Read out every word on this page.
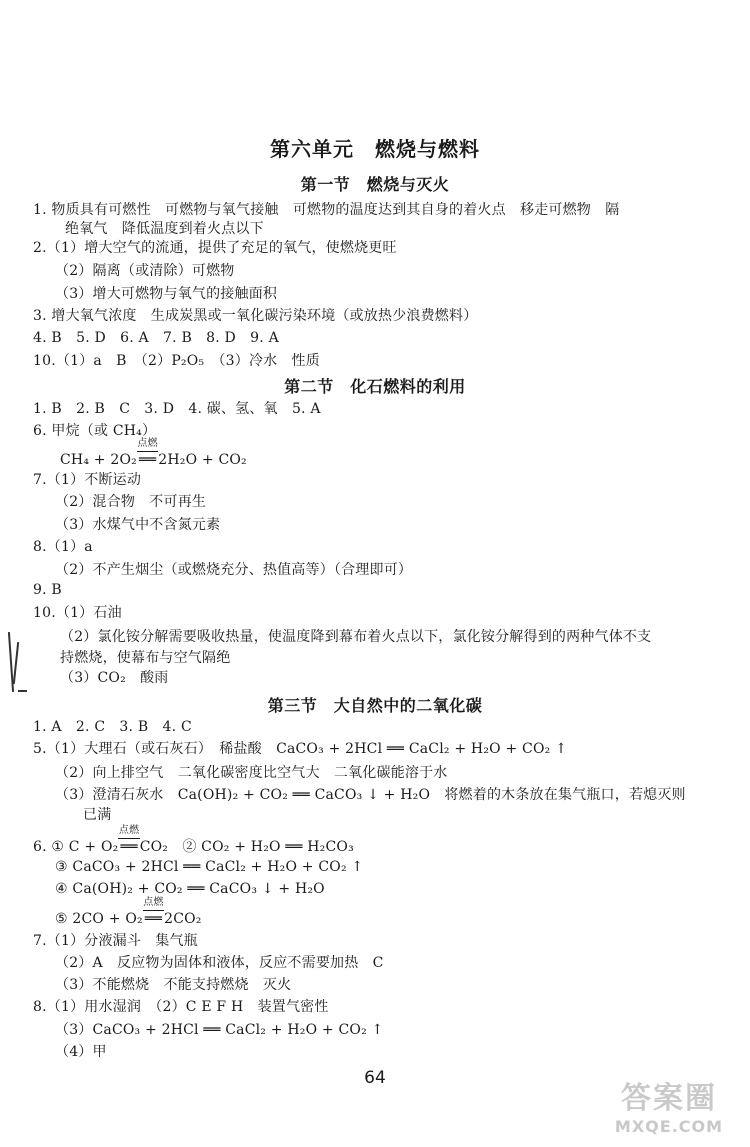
第六单元　燃烧与燃料
第一节　燃烧与灭火
1. 物质具有可燃性　可燃物与氧气接触　可燃物的温度达到其自身的着火点　移走可燃物　隔
绝氧气　降低温度到着火点以下
2.（1）增大空气的流通，提供了充足的氧气，使燃烧更旺
（2）隔离（或清除）可燃物
（3）增大可燃物与氧气的接触面积
3. 增大氧气浓度　生成炭黑或一氧化碳污染环境（或放热少浪费燃料）
4. B　5. D　6. A　7. B　8. D　9. A
10.（1）a　B　（2）P₂O₅　（3）冷水　性质
第二节　化石燃料的利用
1. B　2. B　C　3. D　4. 碳、氢、氧　5. A
6. 甲烷（或 CH₄）
CH₄ + 2O₂
点燃
══ 2H₂O + CO₂
7.（1）不断运动
（2）混合物　不可再生
（3）水煤气中不含氮元素
8.（1）a
（2）不产生烟尘（或燃烧充分、热值高等）（合理即可）
9. B
10.（1）石油
（2）氯化铵分解需要吸收热量，使温度降到幕布着火点以下，氯化铵分解得到的两种气体不支
持燃烧，使幕布与空气隔绝
（3）CO₂　酸雨
第三节　大自然中的二氧化碳
1. A　2. C　3. B　4. C
5.（1）大理石（或石灰石）　稀盐酸　CaCO₃ + 2HCl ══ CaCl₂ + H₂O + CO₂ ↑
（2）向上排空气　二氧化碳密度比空气大　二氧化碳能溶于水
（3）澄清石灰水　Ca(OH)₂ + CO₂ ══ CaCO₃ ↓ + H₂O　将燃着的木条放在集气瓶口，若熄灭则
已满
6. ① C + O₂
点燃
══ CO₂　② CO₂ + H₂O ══ H₂CO₃
③ CaCO₃ + 2HCl ══ CaCl₂ + H₂O + CO₂ ↑
④ Ca(OH)₂ + CO₂ ══ CaCO₃ ↓ + H₂O
⑤ 2CO + O₂
点燃
══ 2CO₂
7.（1）分液漏斗　集气瓶
（2）A　反应物为固体和液体，反应不需要加热　C
（3）不能燃烧　不能支持燃烧　灭火
8.（1）用水湿润　（2）C E F H　装置气密性
（3）CaCO₃ + 2HCl ══ CaCl₂ + H₂O + CO₂ ↑
（4）甲
64
答案圈
MXQE.COM
